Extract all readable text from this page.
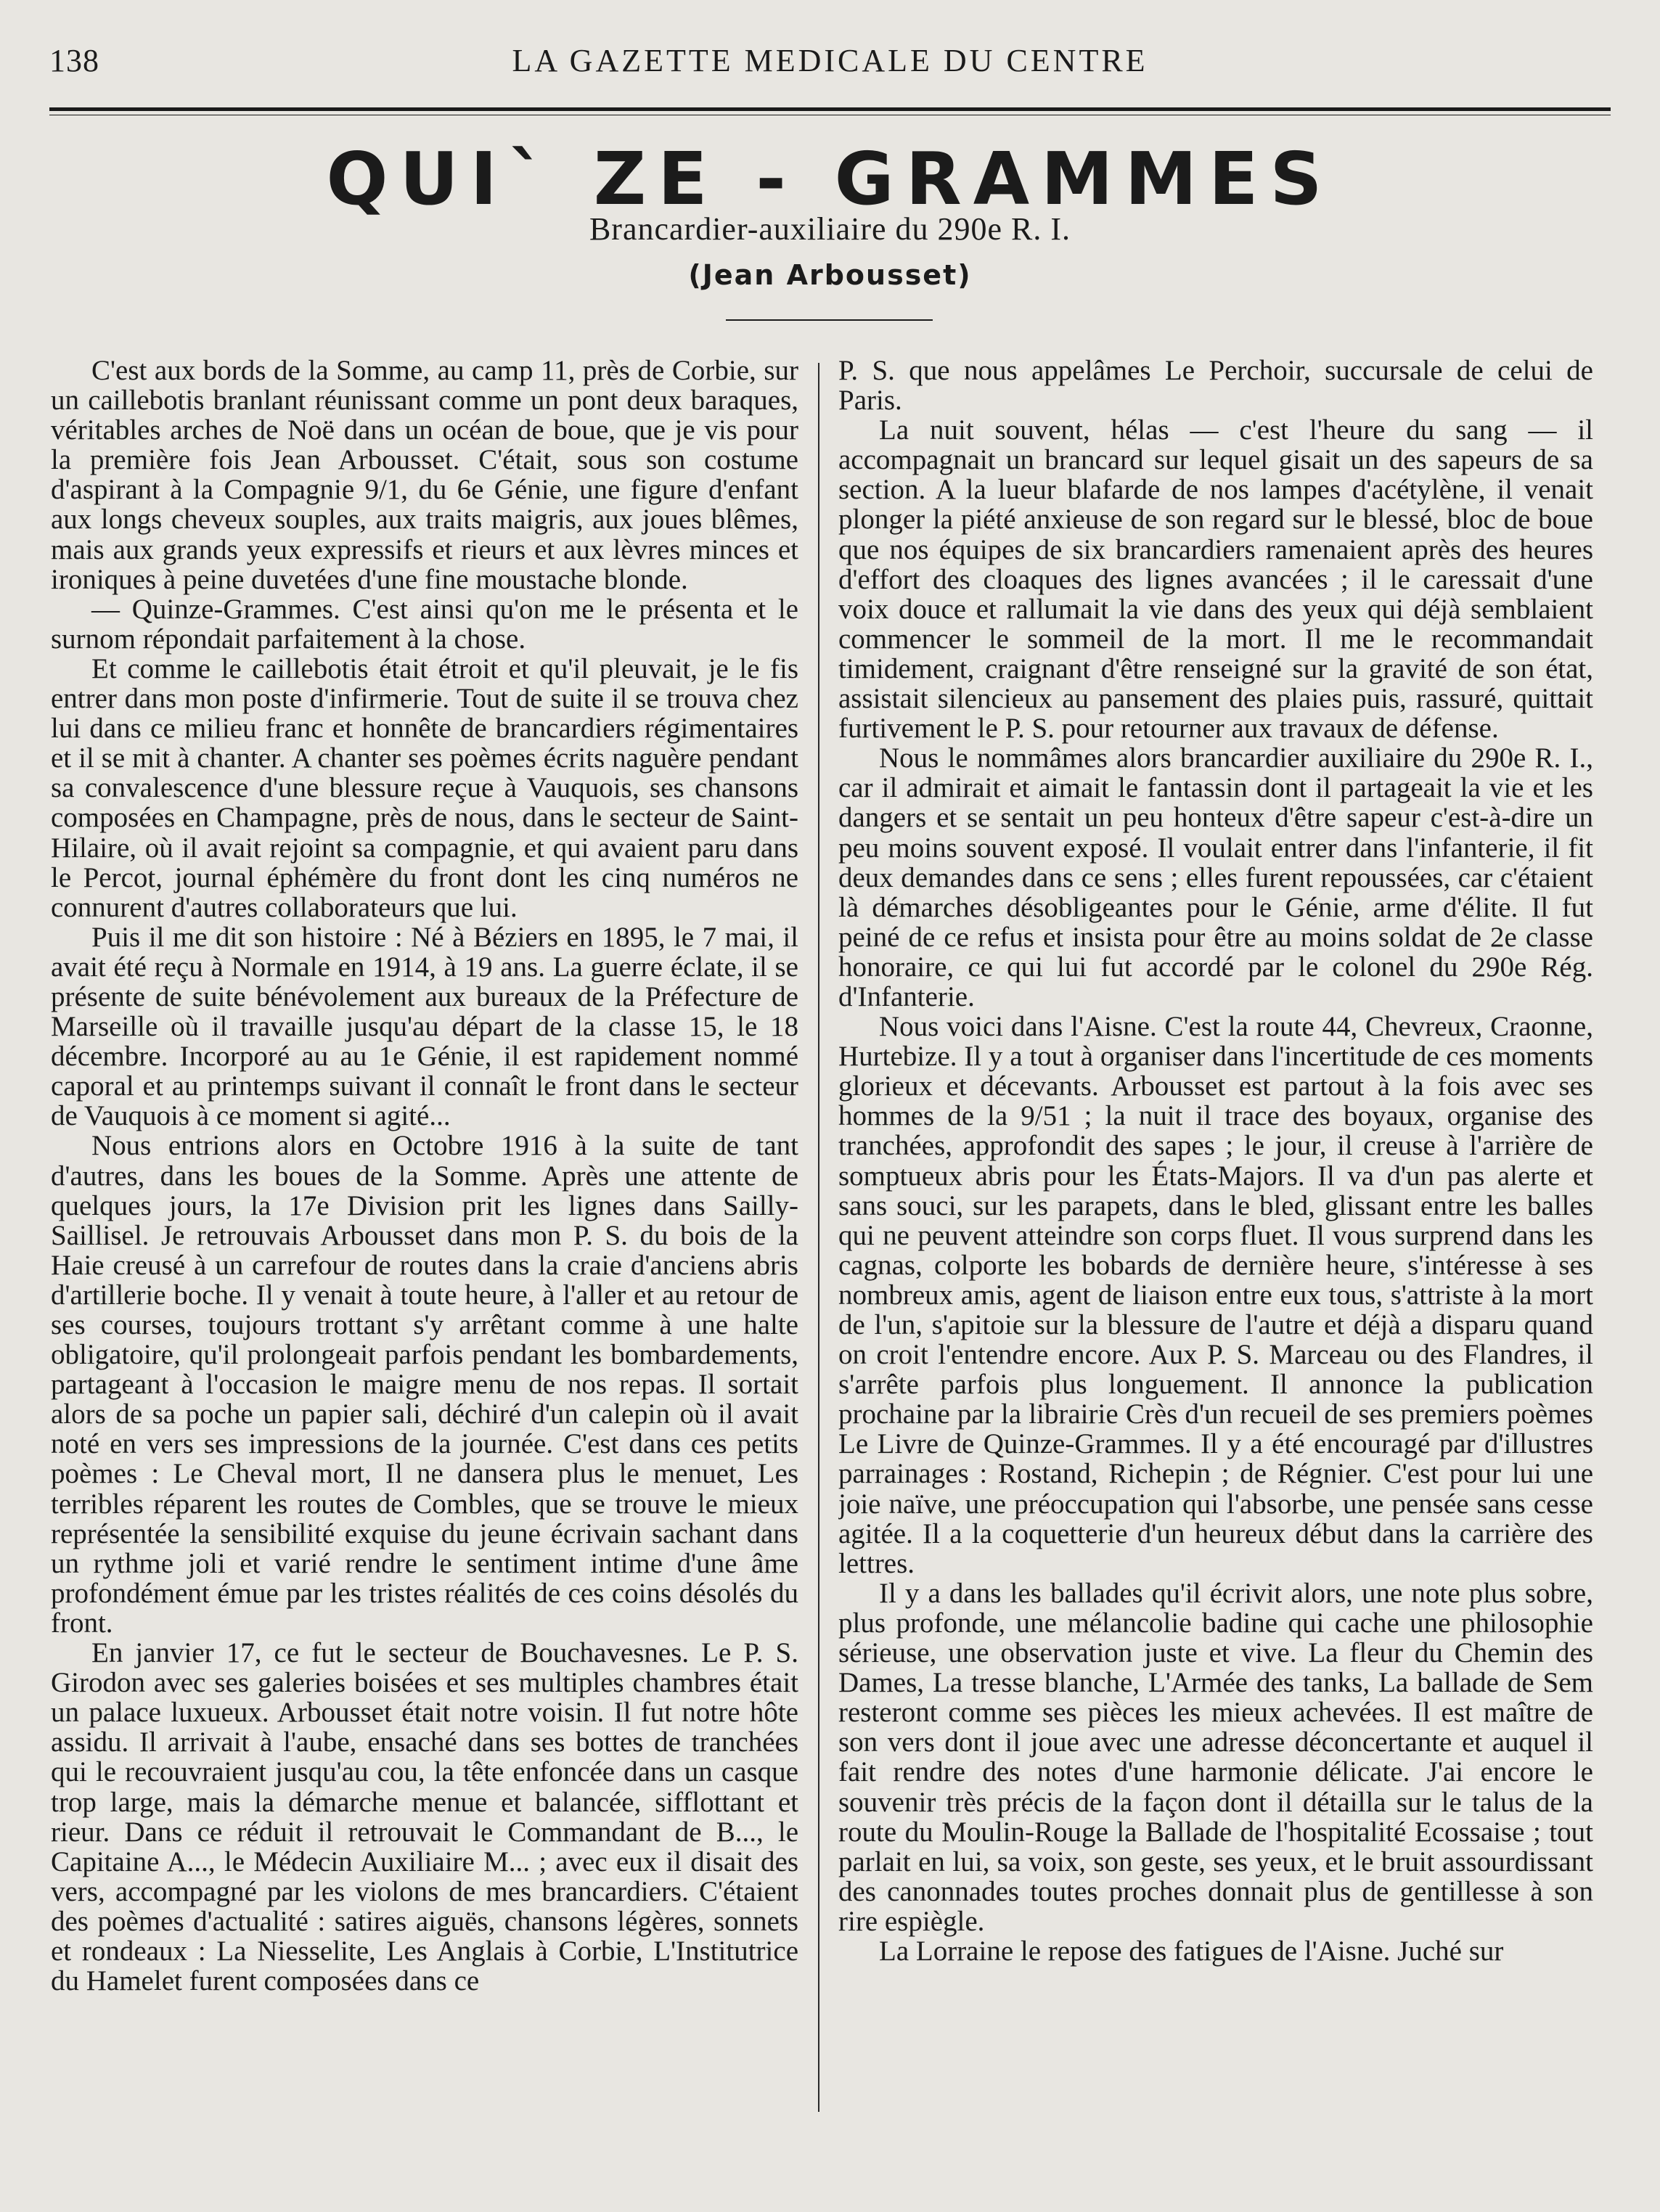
138	LA GAZETTE MEDICALE DU CENTRE
QUI` ZE - GRAMMES
Brancardier-auxiliaire du 290e R. I.
(Jean Arbousset)

C'est aux bords de la Somme, au camp 11, près de Corbie, sur un caillebotis branlant réunissant comme un pont deux baraques, véritables arches de Noë dans un océan de boue, que je vis pour la première fois Jean Arbousset. C'était, sous son costume d'aspirant à la Compagnie 9/1, du 6e Génie, une figure d'enfant aux longs cheveux souples, aux traits maigris, aux joues blêmes, mais aux grands yeux expressifs et rieurs et aux lèvres minces et ironiques à peine duvetées d'une fine moustache blonde.

— Quinze-Grammes. C'est ainsi qu'on me le présenta et le surnom répondait parfaitement à la chose.

Et comme le caillebotis était étroit et qu'il pleuvait, je le fis entrer dans mon poste d'infirmerie. Tout de suite il se trouva chez lui dans ce milieu franc et honnête de brancardiers régimentaires et il se mit à chanter. A chanter ses poèmes écrits naguère pendant sa convalescence d'une blessure reçue à Vauquois, ses chansons composées en Champagne, près de nous, dans le secteur de Saint-Hilaire, où il avait rejoint sa compagnie, et qui avaient paru dans le Percot, journal éphémère du front dont les cinq numéros ne connurent d'autres collaborateurs que lui.

Puis il me dit son histoire : Né à Béziers en 1895, le 7 mai, il avait été reçu à Normale en 1914, à 19 ans. La guerre éclate, il se présente de suite bénévolement aux bureaux de la Préfecture de Marseille où il travaille jusqu'au départ de la classe 15, le 18 décembre. Incorporé au au 1e Génie, il est rapidement nommé caporal et au printemps suivant il connaît le front dans le secteur de Vauquois à ce moment si agité...

Nous entrions alors en Octobre 1916 à la suite de tant d'autres, dans les boues de la Somme. Après une attente de quelques jours, la 17e Division prit les lignes dans Sailly-Saillisel. Je retrouvais Arbousset dans mon P. S. du bois de la Haie creusé à un carrefour de routes dans la craie d'anciens abris d'artillerie boche. Il y venait à toute heure, à l'aller et au retour de ses courses, toujours trottant s'y arrêtant comme à une halte obligatoire, qu'il prolongeait parfois pendant les bombardements, partageant à l'occasion le maigre menu de nos repas. Il sortait alors de sa poche un papier sali, déchiré d'un calepin où il avait noté en vers ses impressions de la journée. C'est dans ces petits poèmes : Le Cheval mort, Il ne dansera plus le menuet, Les terribles réparent les routes de Combles, que se trouve le mieux représentée la sensibilité exquise du jeune écrivain sachant dans un rythme joli et varié rendre le sentiment intime d'une âme profondément émue par les tristes réalités de ces coins désolés du front.

En janvier 17, ce fut le secteur de Bouchavesnes. Le P. S. Girodon avec ses galeries boisées et ses multiples chambres était un palace luxueux. Arbousset était notre voisin. Il fut notre hôte assidu. Il arrivait à l'aube, ensaché dans ses bottes de tranchées qui le recouvraient jusqu'au cou, la tête enfoncée dans un casque trop large, mais la démarche menue et balancée, sifflottant et rieur. Dans ce réduit il retrouvait le Commandant de B..., le Capitaine A..., le Médecin Auxiliaire M... ; avec eux il disait des vers, accompagné par les violons de mes brancardiers. C'étaient des poèmes d'actualité : satires aiguës, chansons légères, sonnets et rondeaux : La Niesselite, Les Anglais à Corbie, L'Institutrice du Hamelet furent composées dans ce

P. S. que nous appelâmes Le Perchoir, succursale de celui de Paris.

La nuit souvent, hélas — c'est l'heure du sang — il accompagnait un brancard sur lequel gisait un des sapeurs de sa section. A la lueur blafarde de nos lampes d'acétylène, il venait plonger la piété anxieuse de son regard sur le blessé, bloc de boue que nos équipes de six brancardiers ramenaient après des heures d'effort des cloaques des lignes avancées ; il le caressait d'une voix douce et rallumait la vie dans des yeux qui déjà semblaient commencer le sommeil de la mort. Il me le recommandait timidement, craignant d'être renseigné sur la gravité de son état, assistait silencieux au pansement des plaies puis, rassuré, quittait furtivement le P. S. pour retourner aux travaux de défense.

Nous le nommâmes alors brancardier auxiliaire du 290e R. I., car il admirait et aimait le fantassin dont il partageait la vie et les dangers et se sentait un peu honteux d'être sapeur c'est-à-dire un peu moins souvent exposé. Il voulait entrer dans l'infanterie, il fit deux demandes dans ce sens ; elles furent repoussées, car c'étaient là démarches désobligeantes pour le Génie, arme d'élite. Il fut peiné de ce refus et insista pour être au moins soldat de 2e classe honoraire, ce qui lui fut accordé par le colonel du 290e Rég. d'Infanterie.

Nous voici dans l'Aisne. C'est la route 44, Chevreux, Craonne, Hurtebize. Il y a tout à organiser dans l'incertitude de ces moments glorieux et décevants. Arbousset est partout à la fois avec ses hommes de la 9/51 ; la nuit il trace des boyaux, organise des tranchées, approfondit des sapes ; le jour, il creuse à l'arrière de somptueux abris pour les États-Majors. Il va d'un pas alerte et sans souci, sur les parapets, dans le bled, glissant entre les balles qui ne peuvent atteindre son corps fluet. Il vous surprend dans les cagnas, colporte les bobards de dernière heure, s'intéresse à ses nombreux amis, agent de liaison entre eux tous, s'attriste à la mort de l'un, s'apitoie sur la blessure de l'autre et déjà a disparu quand on croit l'entendre encore. Aux P. S. Marceau ou des Flandres, il s'arrête parfois plus longuement. Il annonce la publication prochaine par la librairie Crès d'un recueil de ses premiers poèmes Le Livre de Quinze-Grammes. Il y a été encouragé par d'illustres parrainages : Rostand, Richepin ; de Régnier. C'est pour lui une joie naïve, une préoccupation qui l'absorbe, une pensée sans cesse agitée. Il a la coquetterie d'un heureux début dans la carrière des lettres.

Il y a dans les ballades qu'il écrivit alors, une note plus sobre, plus profonde, une mélancolie badine qui cache une philosophie sérieuse, une observation juste et vive. La fleur du Chemin des Dames, La tresse blanche, L'Armée des tanks, La ballade de Sem resteront comme ses pièces les mieux achevées. Il est maître de son vers dont il joue avec une adresse déconcertante et auquel il fait rendre des notes d'une harmonie délicate. J'ai encore le souvenir très précis de la façon dont il détailla sur le talus de la route du Moulin-Rouge la Ballade de l'hospitalité Ecossaise ; tout parlait en lui, sa voix, son geste, ses yeux, et le bruit assourdissant des canonnades toutes proches donnait plus de gentillesse à son rire espiègle.

La Lorraine le repose des fatigues de l'Aisne. Juché sur
